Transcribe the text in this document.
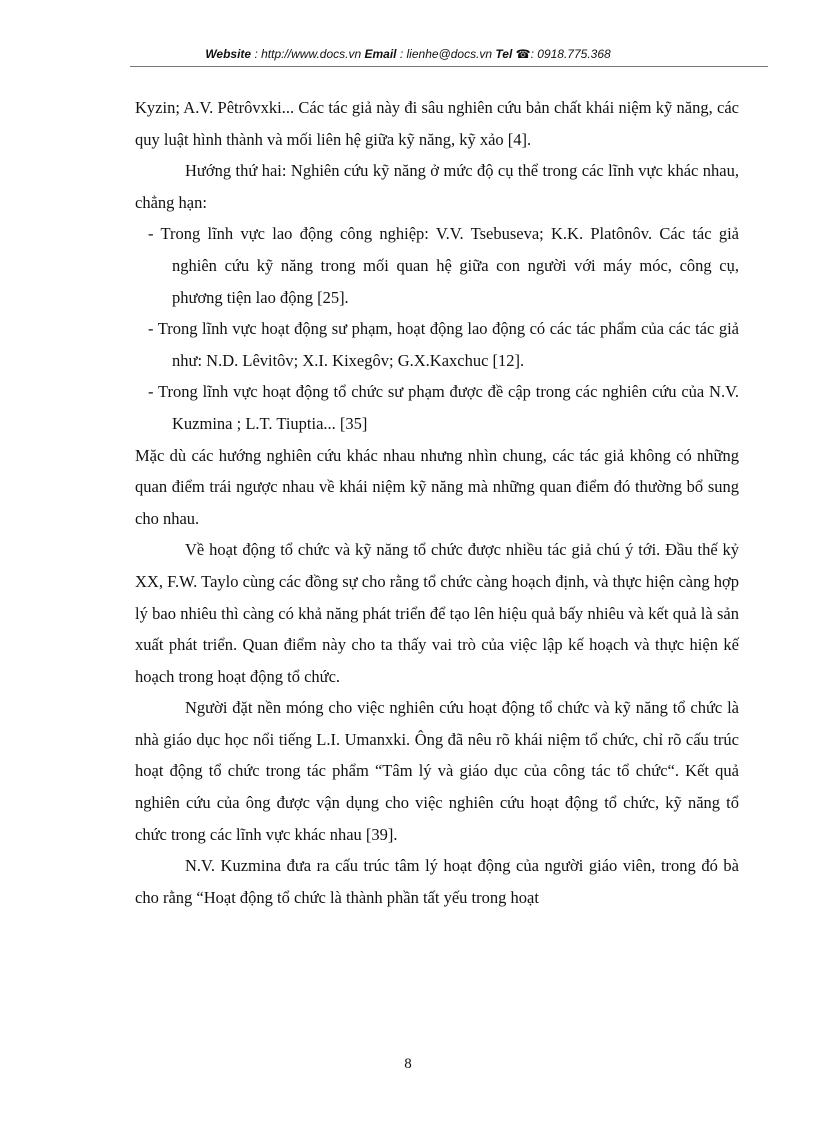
Website : http://www.docs.vn Email : lienhe@docs.vn Tel ☎: 0918.775.368

Kyzin; A.V. Pêtrôvxki... Các tác giả này đi sâu nghiên cứu bản chất khái niệm kỹ năng, các quy luật hình thành và mối liên hệ giữa kỹ năng, kỹ xảo [4].

Hướng thứ hai: Nghiên cứu kỹ năng ở mức độ cụ thể trong các lĩnh vực khác nhau, chẳng hạn:

- Trong lĩnh vực lao động công nghiệp: V.V. Tsebuseva; K.K. Platônôv. Các tác giả nghiên cứu kỹ năng trong mối quan hệ giữa con người với máy móc, công cụ, phương tiện lao động [25].

- Trong lĩnh vực hoạt động sư phạm, hoạt động lao động có các tác phẩm của các tác giả như: N.D. Lêvitôv; X.I. Kixegôv; G.X.Kaxchuc [12].

- Trong lĩnh vực hoạt động tổ chức sư phạm được đề cập trong các nghiên cứu của N.V. Kuzmina ; L.T. Tiuptia... [35]

Mặc dù các hướng nghiên cứu khác nhau nhưng nhìn chung, các tác giả không có những quan điểm trái ngược nhau về khái niệm kỹ năng mà những quan điểm đó thường bổ sung cho nhau.

Về hoạt động tổ chức và kỹ năng tổ chức được nhiều tác giả chú ý tới. Đầu thế kỷ XX, F.W. Taylo cùng các đồng sự cho rằng tổ chức càng hoạch định, và thực hiện càng hợp lý bao nhiêu thì càng có khả năng phát triển để tạo lên hiệu quả bấy nhiêu và kết quả là sản xuất phát triển. Quan điểm này cho ta thấy vai trò của việc lập kế hoạch và thực hiện kế hoạch trong hoạt động tổ chức.

Người đặt nền móng cho việc nghiên cứu hoạt động tổ chức và kỹ năng tổ chức là nhà giáo dục học nổi tiếng L.I. Umanxki. Ông đã nêu rõ khái niệm tổ chức, chỉ rõ cấu trúc hoạt động tổ chức trong tác phẩm “Tâm lý và giáo dục của công tác tổ chức“. Kết quả nghiên cứu của ông được vận dụng cho việc nghiên cứu hoạt động tổ chức, kỹ năng tổ chức trong các lĩnh vực khác nhau [39].

N.V. Kuzmina đưa ra cấu trúc tâm lý hoạt động của người giáo viên, trong đó bà cho rằng “Hoạt động tổ chức là thành phần tất yếu trong hoạt

8
